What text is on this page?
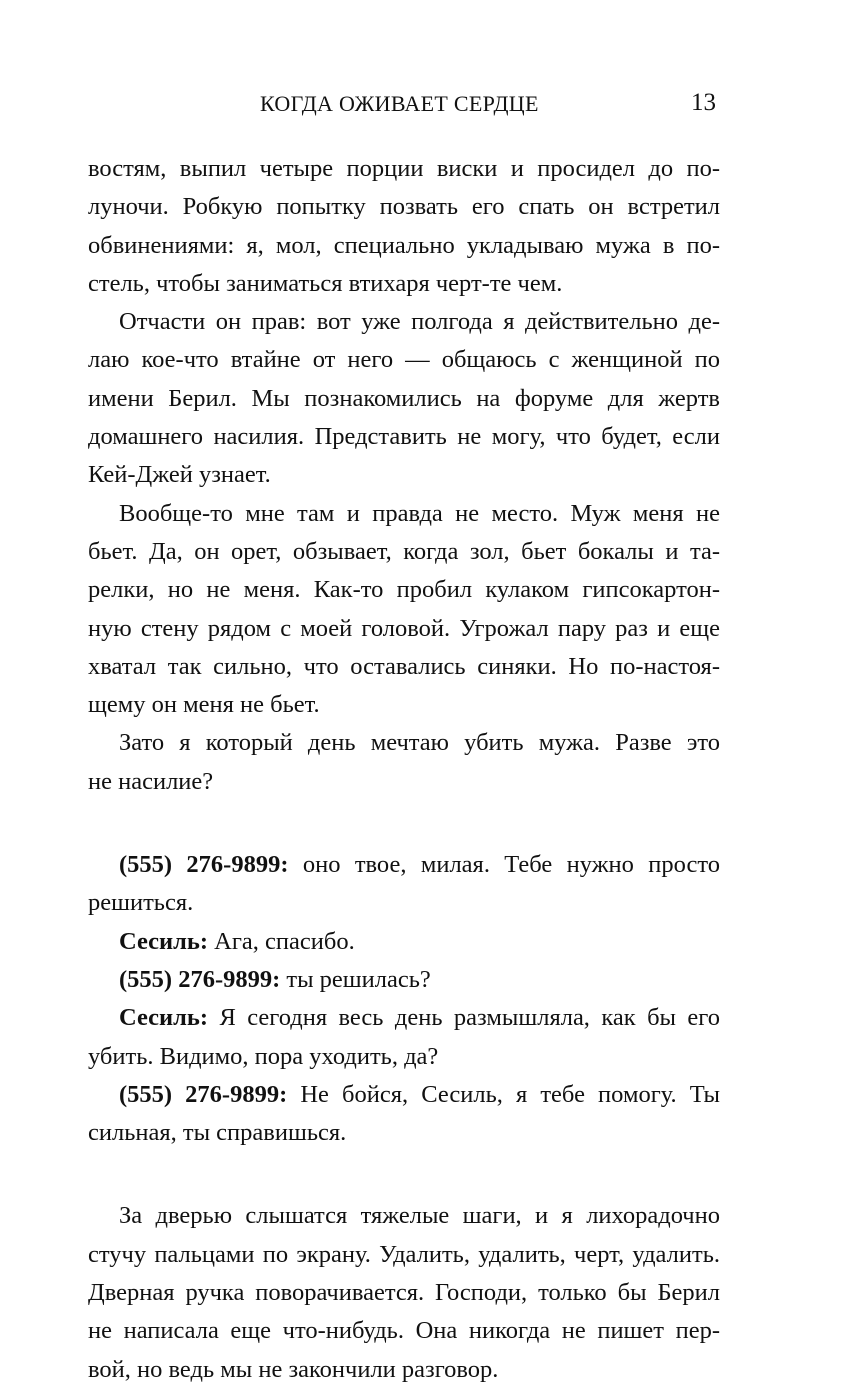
КОГДА ОЖИВАЕТ СЕРДЦЕ	13
востям, выпил четыре порции виски и просидел до по-
луночи. Робкую попытку позвать его спать он встретил
обвинениями: я, мол, специально укладываю мужа в по-
стель, чтобы заниматься втихаря черт-те чем.
Отчасти он прав: вот уже полгода я действительно де-
лаю кое-что втайне от него — общаюсь с женщиной по
имени Берил. Мы познакомились на форуме для жертв
домашнего насилия. Представить не могу, что будет, если
Кей-Джей узнает.
Вообще-то мне там и правда не место. Муж меня не
бьет. Да, он орет, обзывает, когда зол, бьет бокалы и та-
релки, но не меня. Как-то пробил кулаком гипсокартон-
ную стену рядом с моей головой. Угрожал пару раз и еще
хватал так сильно, что оставались синяки. Но по-настоя-
щему он меня не бьет.
Зато я который день мечтаю убить мужа. Разве это
не насилие?
(555) 276-9899: оно твое, милая. Тебе нужно просто
решиться.
Сесиль: Ага, спасибо.
(555) 276-9899: ты решилась?
Сесиль: Я сегодня весь день размышляла, как бы его
убить. Видимо, пора уходить, да?
(555) 276-9899: Не бойся, Сесиль, я тебе помогу. Ты
сильная, ты справишься.
За дверью слышатся тяжелые шаги, и я лихорадочно
стучу пальцами по экрану. Удалить, удалить, черт, удалить.
Дверная ручка поворачивается. Господи, только бы Берил
не написала еще что-нибудь. Она никогда не пишет пер-
вой, но ведь мы не закончили разговор.
